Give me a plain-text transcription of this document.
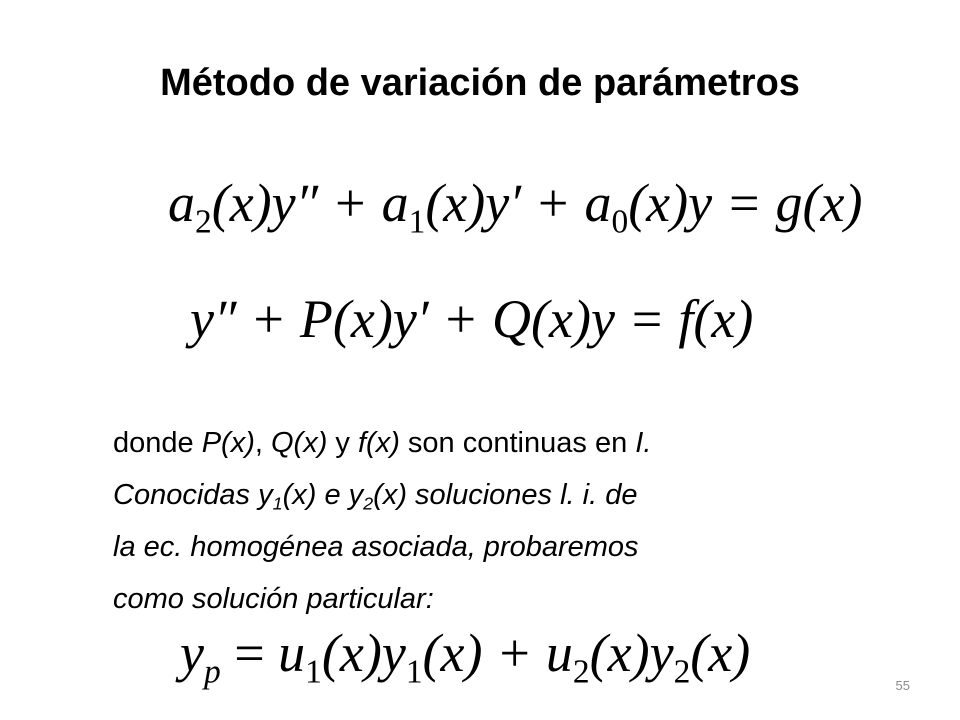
Método de variación de parámetros
$a_2(x)y'' + a_1(x)y' + a_0(x)y = g(x)$
y″ + P(x)y′ + Q(x)y = f(x)
donde P(x), Q(x) y f(x) son continuas en I.
Conocidas $y_1(x)$ e $y_2(x)$ soluciones l. i. de
la ec. homogénea asociada, probaremos
como solución particular:
$y_p = u_1(x)y_1(x) + u_2(x)y_2(x)$
55
